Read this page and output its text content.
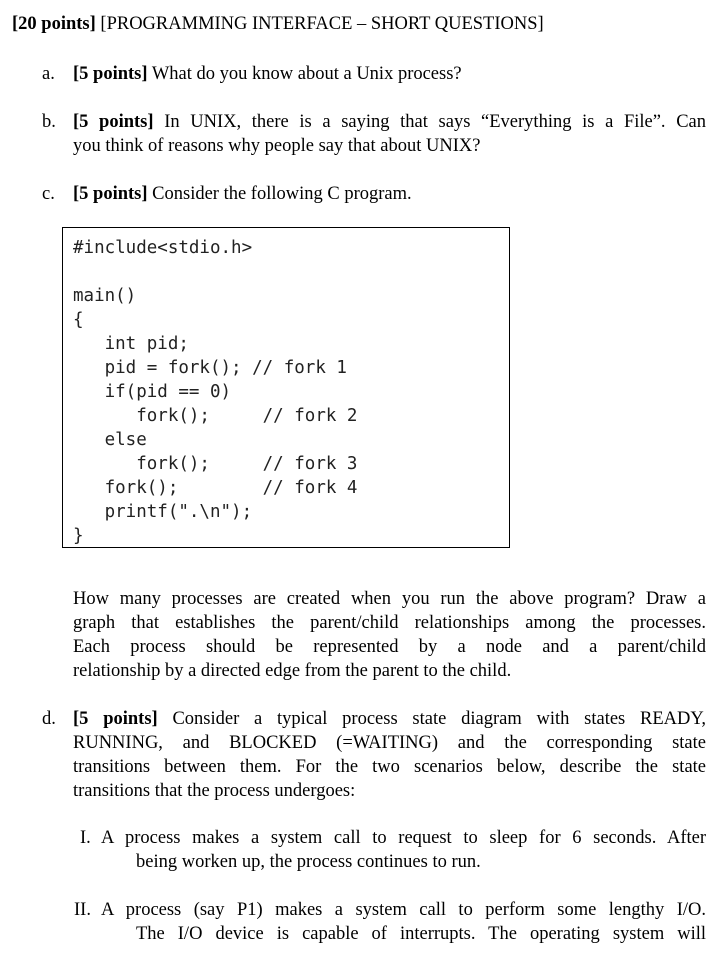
[20 points] [PROGRAMMING INTERFACE – SHORT QUESTIONS]
a. [5 points] What do you know about a Unix process?
b. [5 points] In UNIX, there is a saying that says “Everything is a File”. Can
you think of reasons why people say that about UNIX?
c. [5 points] Consider the following C program.
#include<stdio.h>
main()
{
int pid;
pid = fork(); // fork 1
if(pid == 0)
fork();     // fork 2
else
fork();     // fork 3
fork();        // fork 4
printf(".\n");
}
How many processes are created when you run the above program? Draw a
graph that establishes the parent/child relationships among the processes.
Each process should be represented by a node and a parent/child
relationship by a directed edge from the parent to the child.
d. [5 points] Consider a typical process state diagram with states READY,
RUNNING, and BLOCKED (=WAITING) and the corresponding state
transitions between them. For the two scenarios below, describe the state
transitions that the process undergoes:
I. A process makes a system call to request to sleep for 6 seconds. After
being worken up, the process continues to run.
II. A process (say P1) makes a system call to perform some lengthy I/O.
The I/O device is capable of interrupts. The operating system will
